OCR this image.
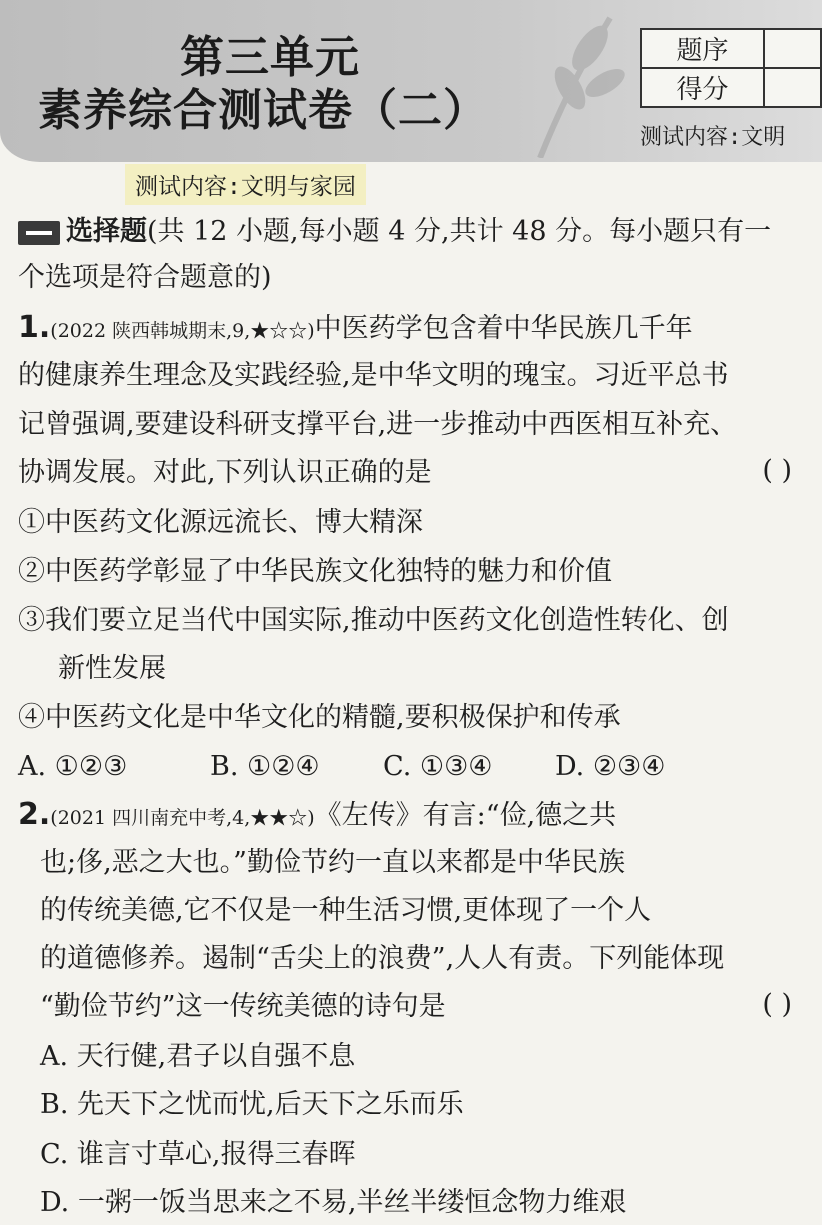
第三单元
素养综合测试卷（二）
题序	
得分	
测试内容:文明
测试内容:文明与家园
选择题(共 12 小题,每小题 4 分,共计 48 分。每小题只有一
个选项是符合题意的)
1.(2022 陕西韩城期末,9,★☆☆)中医药学包含着中华民族几千年
的健康养生理念及实践经验,是中华文明的瑰宝。习近平总书
记曾强调,要建设科研支撑平台,进一步推动中西医相互补充、
协调发展。对此,下列认识正确的是	( )
①中医药文化源远流长、博大精深
②中医药学彰显了中华民族文化独特的魅力和价值
③我们要立足当代中国实际,推动中医药文化创造性转化、创
新性发展
④中医药文化是中华文化的精髓,要积极保护和传承
A. ①②③	B. ①②④ C. ①③④ D. ②③④
2.(2021 四川南充中考,4,★★☆)《左传》有言:“俭,德之共
也;侈,恶之大也。”勤俭节约一直以来都是中华民族
的传统美德,它不仅是一种生活习惯,更体现了一个人
的道德修养。遏制“舌尖上的浪费”,人人有责。下列能体现
“勤俭节约”这一传统美德的诗句是	( )
A. 天行健,君子以自强不息
B. 先天下之忧而忧,后天下之乐而乐
C. 谁言寸草心,报得三春晖
D. 一粥一饭当思来之不易,半丝半缕恒念物力维艰
